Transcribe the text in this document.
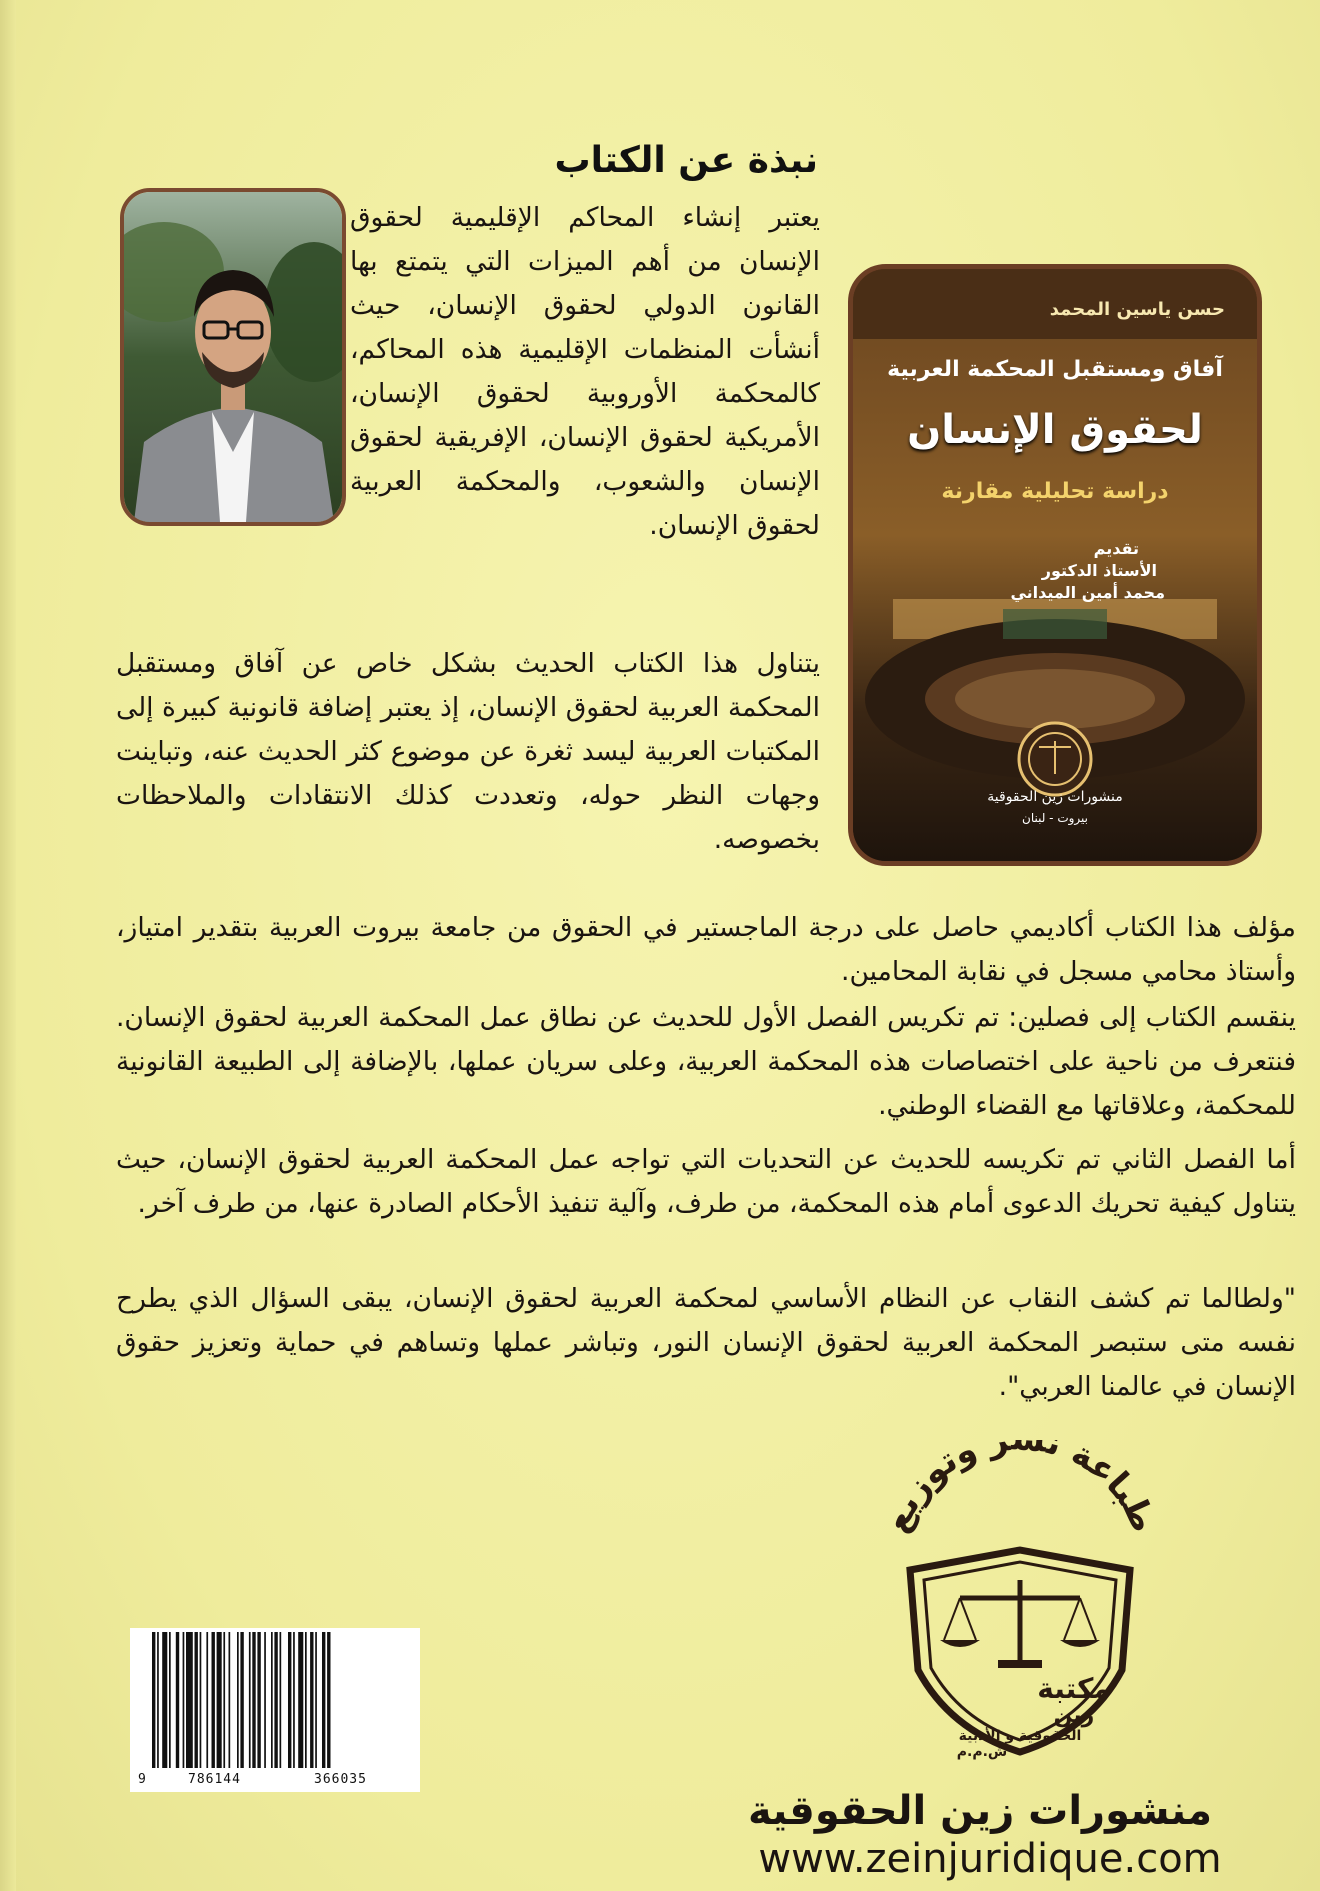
نبذة عن الكتاب
يعتبر إنشاء المحاكم الإقليمية لحقوق الإنسان من أهم الميزات التي يتمتع بها القانون الدولي لحقوق الإنسان، حيث أنشأت المنظمات الإقليمية هذه المحاكم، كالمحكمة الأوروبية لحقوق الإنسان، الأمريكية لحقوق الإنسان، الإفريقية لحقوق الإنسان والشعوب، والمحكمة العربية لحقوق الإنسان.
حسن ياسين المحمد
آفاق ومستقبل المحكمة العربية
لحقوق الإنسان
دراسة تحليلية مقارنة
تقديم
الأستاذ الدكتور
محمد أمين الميداني
منشورات زين الحقوقية
بيروت - لبنان
يتناول هذا الكتاب الحديث بشكل خاص عن آفاق ومستقبل المحكمة العربية لحقوق الإنسان، إذ يعتبر إضافة قانونية كبيرة إلى المكتبات العربية ليسد ثغرة عن موضوع كثر الحديث عنه، وتباينت وجهات النظر حوله، وتعددت كذلك الانتقادات والملاحظات بخصوصه.
مؤلف هذا الكتاب أكاديمي حاصل على درجة الماجستير في الحقوق من جامعة بيروت العربية بتقدير امتياز، وأستاذ محامي مسجل في نقابة المحامين.
ينقسم الكتاب إلى فصلين: تم تكريس الفصل الأول للحديث عن نطاق عمل المحكمة العربية لحقوق الإنسان. فنتعرف من ناحية على اختصاصات هذه المحكمة العربية، وعلى سريان عملها، بالإضافة إلى الطبيعة القانونية للمحكمة، وعلاقاتها مع القضاء الوطني.
أما الفصل الثاني تم تكريسه للحديث عن التحديات التي تواجه عمل المحكمة العربية لحقوق الإنسان، حيث يتناول كيفية تحريك الدعوى أمام هذه المحكمة، من طرف، وآلية تنفيذ الأحكام الصادرة عنها، من طرف آخر.
"ولطالما تم كشف النقاب عن النظام الأساسي لمحكمة العربية لحقوق الإنسان، يبقى السؤال الذي يطرح نفسه متى ستبصر المحكمة العربية لحقوق الإنسان النور، وتباشر عملها وتساهم في حماية وتعزيز حقوق الإنسان في عالمنا العربي".
9	786144	366035
طباعة ن ر وتوزيع
مكتبة
زين
الحقوقية و الأدبية
ش.م.م
منشورات زين الحقوقية
www.zeinjuridique.com
